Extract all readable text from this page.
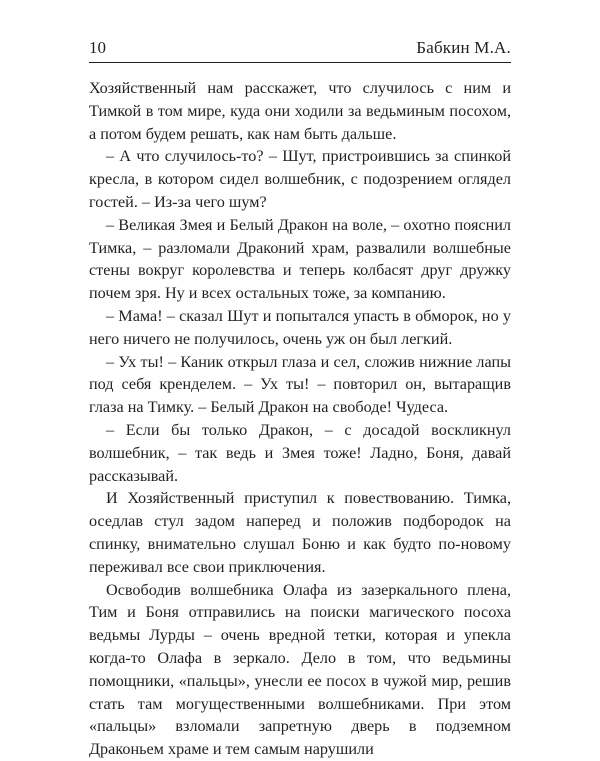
10	Бабкин М.А.

Хозяйственный нам расскажет, что случилось с ним и Тимкой в том мире, куда они ходили за ведьминым посохом, а потом будем решать, как нам быть дальше.

– А что случилось-то? – Шут, пристроившись за спинкой кресла, в котором сидел волшебник, с подозрением оглядел гостей. – Из-за чего шум?

– Великая Змея и Белый Дракон на воле, – охотно пояснил Тимка, – разломали Драконий храм, развалили волшебные стены вокруг королевства и теперь колбасят друг дружку почем зря. Ну и всех остальных тоже, за компанию.

– Мама! – сказал Шут и попытался упасть в обморок, но у него ничего не получилось, очень уж он был легкий.

– Ух ты! – Каник открыл глаза и сел, сложив нижние лапы под себя кренделем. – Ух ты! – повторил он, вытаращив глаза на Тимку. – Белый Дракон на свободе! Чудеса.

– Если бы только Дракон, – с досадой воскликнул волшебник, – так ведь и Змея тоже! Ладно, Боня, давай рассказывай.

И Хозяйственный приступил к повествованию. Тимка, оседлав стул задом наперед и положив подбородок на спинку, внимательно слушал Боню и как будто по-новому переживал все свои приключения.

Освободив волшебника Олафа из зазеркального плена, Тим и Боня отправились на поиски магического посоха ведьмы Лурды – очень вредной тетки, которая и упекла когда-то Олафа в зеркало. Дело в том, что ведьмины помощники, «пальцы», унесли ее посох в чужой мир, решив стать там могущественными волшебниками. При этом «пальцы» взломали запретную дверь в подземном Драконьем храме и тем самым нарушили
